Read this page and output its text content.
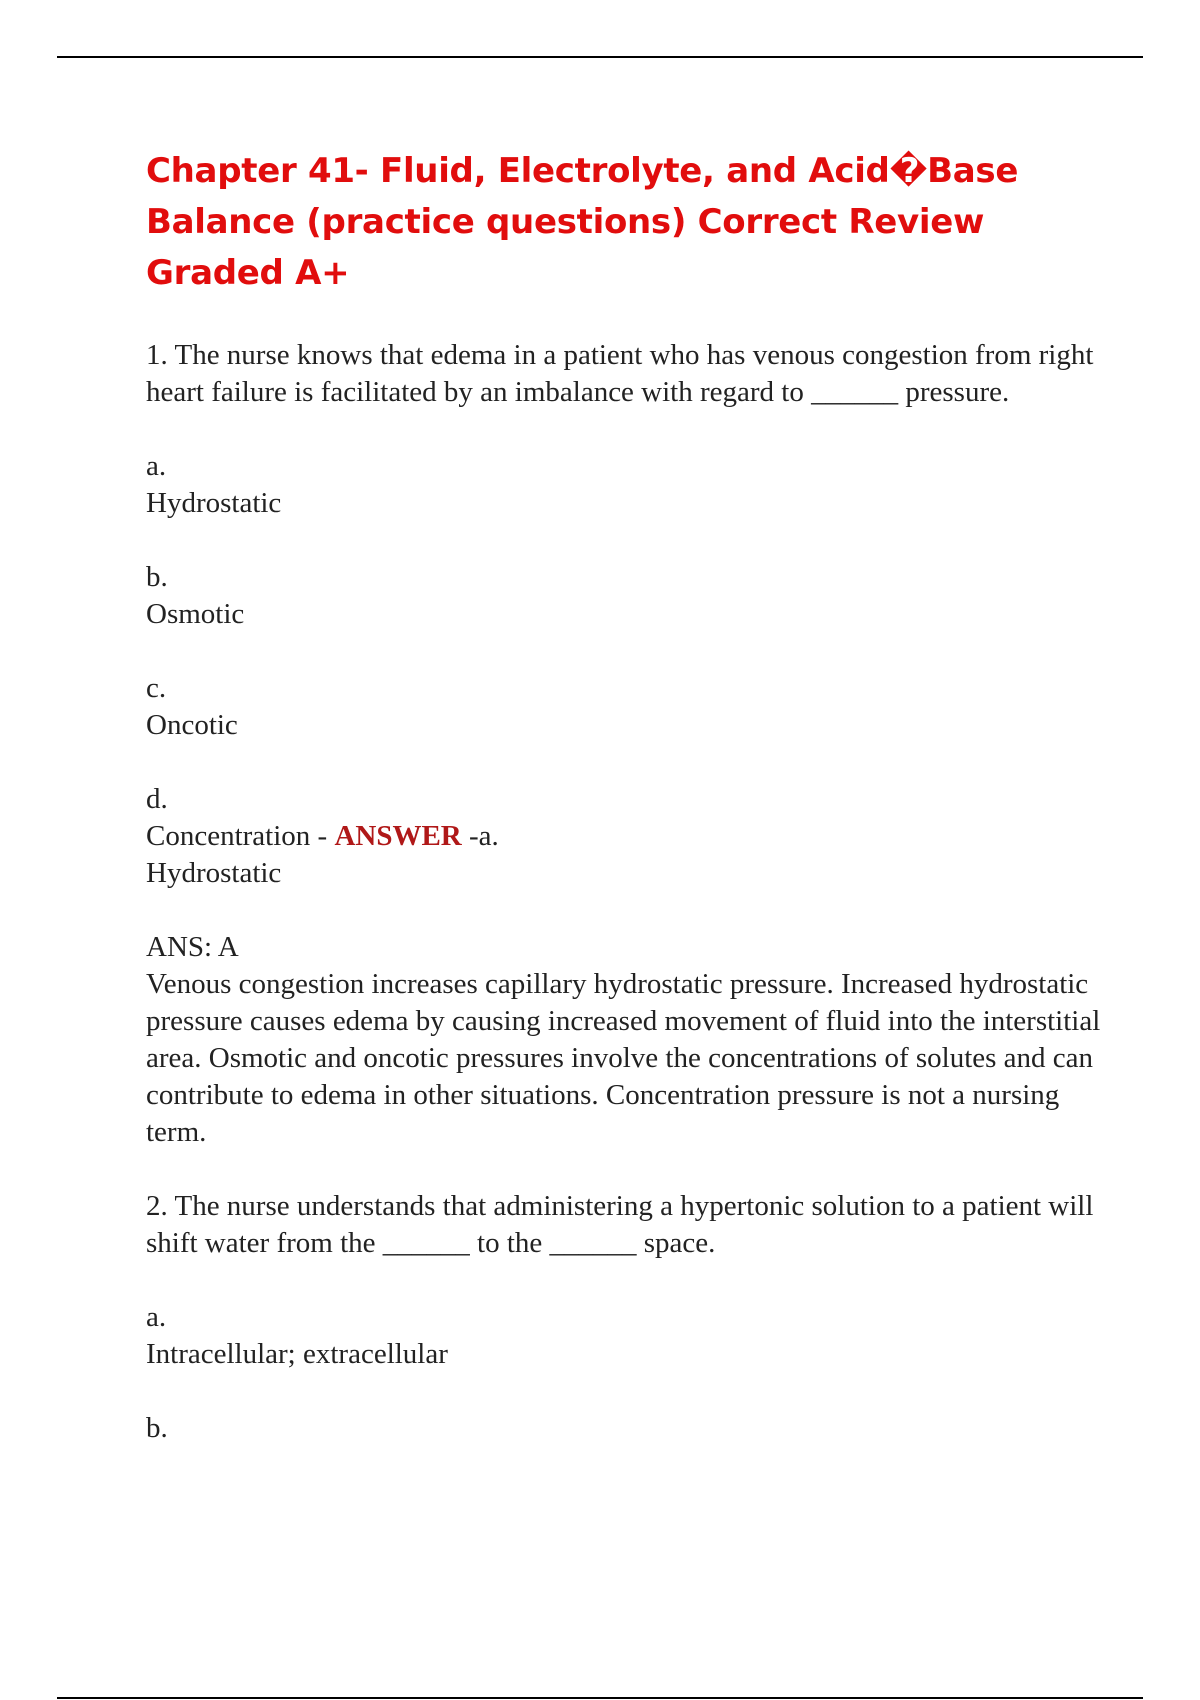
Chapter 41- Fluid, Electrolyte, and Acid�Base Balance (practice questions) Correct Review Graded A+

1. The nurse knows that edema in a patient who has venous congestion from right heart failure is facilitated by an imbalance with regard to ______ pressure.

a.
Hydrostatic
b.
Osmotic
c.
Oncotic
d.
Concentration - ANSWER -a.
Hydrostatic
ANS: A
Venous congestion increases capillary hydrostatic pressure. Increased hydrostatic pressure causes edema by causing increased movement of fluid into the interstitial area. Osmotic and oncotic pressures involve the concentrations of solutes and can contribute to edema in other situations. Concentration pressure is not a nursing term.

2. The nurse understands that administering a hypertonic solution to a patient will shift water from the ______ to the ______ space.

a.
Intracellular; extracellular
b.
